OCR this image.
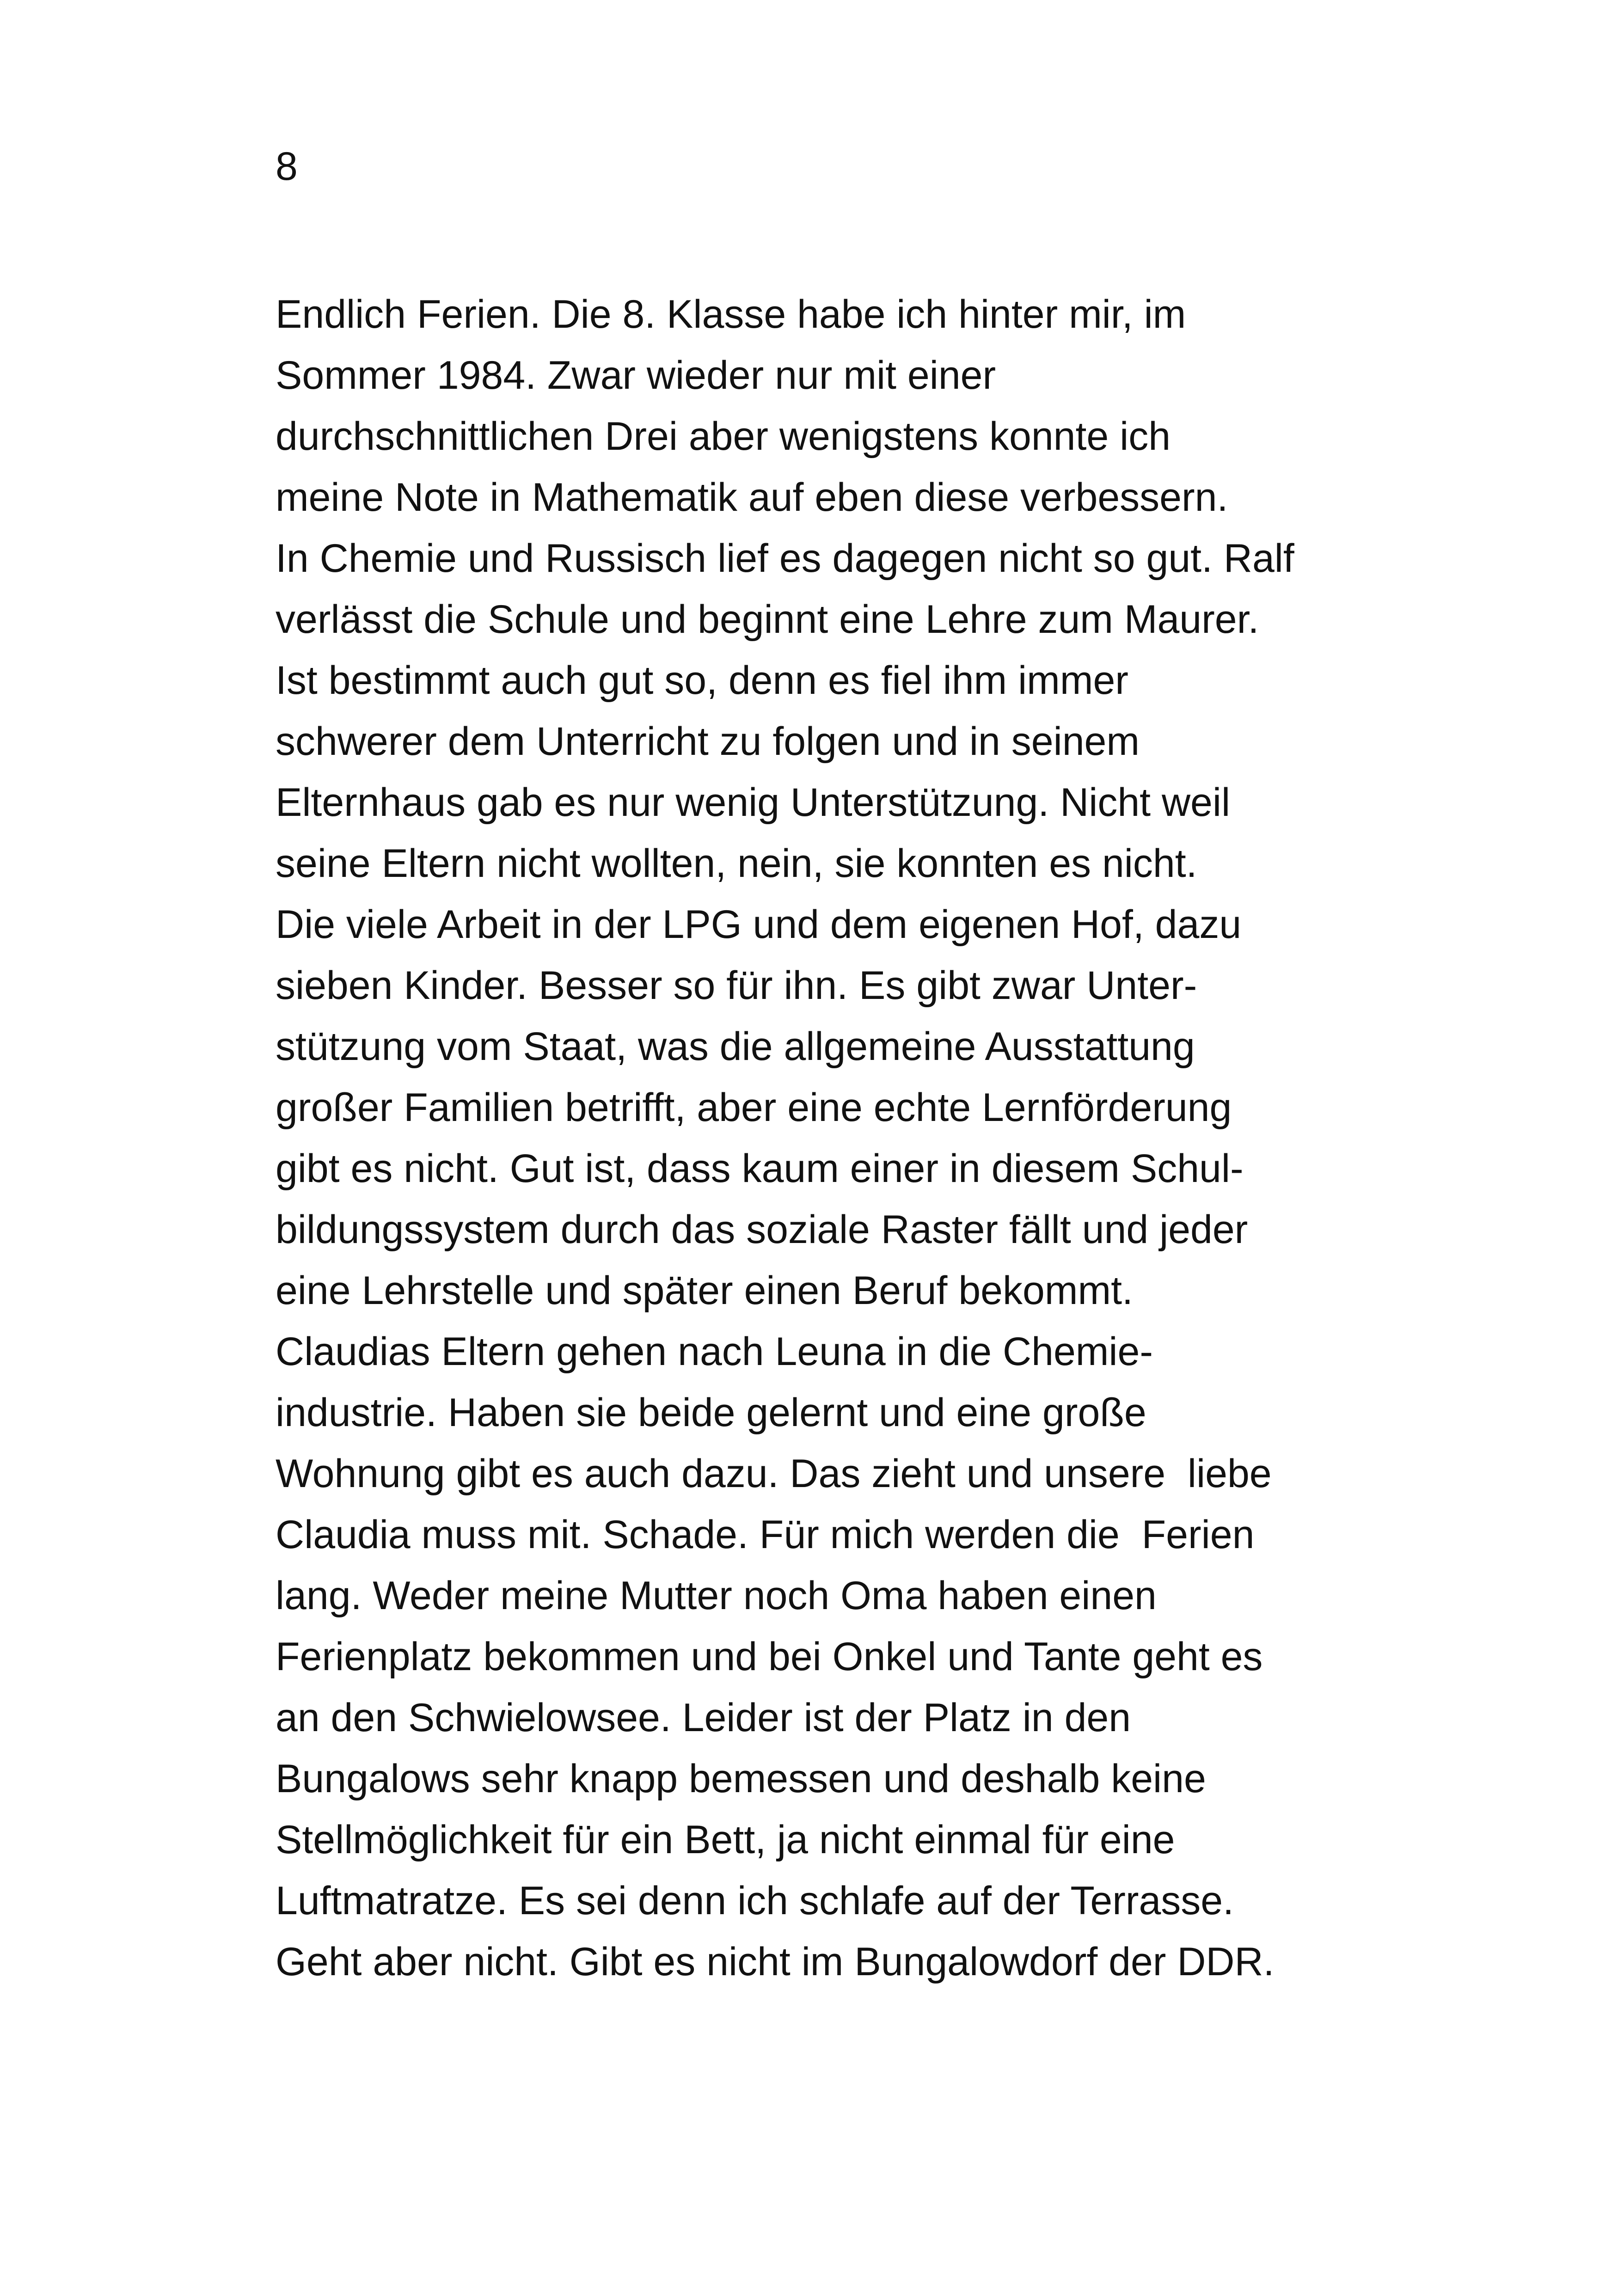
8
Endlich Ferien. Die 8. Klasse habe ich hinter mir, im
Sommer 1984. Zwar wieder nur mit einer
durchschnittlichen Drei aber wenigstens konnte ich
meine Note in Mathematik auf eben diese verbessern.
In Chemie und Russisch lief es dagegen nicht so gut. Ralf
verlässt die Schule und beginnt eine Lehre zum Maurer.
Ist bestimmt auch gut so, denn es fiel ihm immer
schwerer dem Unterricht zu folgen und in seinem
Elternhaus gab es nur wenig Unterstützung. Nicht weil
seine Eltern nicht wollten, nein, sie konnten es nicht.
Die viele Arbeit in der LPG und dem eigenen Hof, dazu
sieben Kinder. Besser so für ihn. Es gibt zwar Unter-
stützung vom Staat, was die allgemeine Ausstattung
großer Familien betrifft, aber eine echte Lernförderung
gibt es nicht. Gut ist, dass kaum einer in diesem Schul-
bildungssystem durch das soziale Raster fällt und jeder
eine Lehrstelle und später einen Beruf bekommt.
Claudias Eltern gehen nach Leuna in die Chemie-
industrie. Haben sie beide gelernt und eine große
Wohnung gibt es auch dazu. Das zieht und unsere  liebe
Claudia muss mit. Schade. Für mich werden die  Ferien
lang. Weder meine Mutter noch Oma haben einen
Ferienplatz bekommen und bei Onkel und Tante geht es
an den Schwielowsee. Leider ist der Platz in den
Bungalows sehr knapp bemessen und deshalb keine
Stellmöglichkeit für ein Bett, ja nicht einmal für eine
Luftmatratze. Es sei denn ich schlafe auf der Terrasse.
Geht aber nicht. Gibt es nicht im Bungalowdorf der DDR.
